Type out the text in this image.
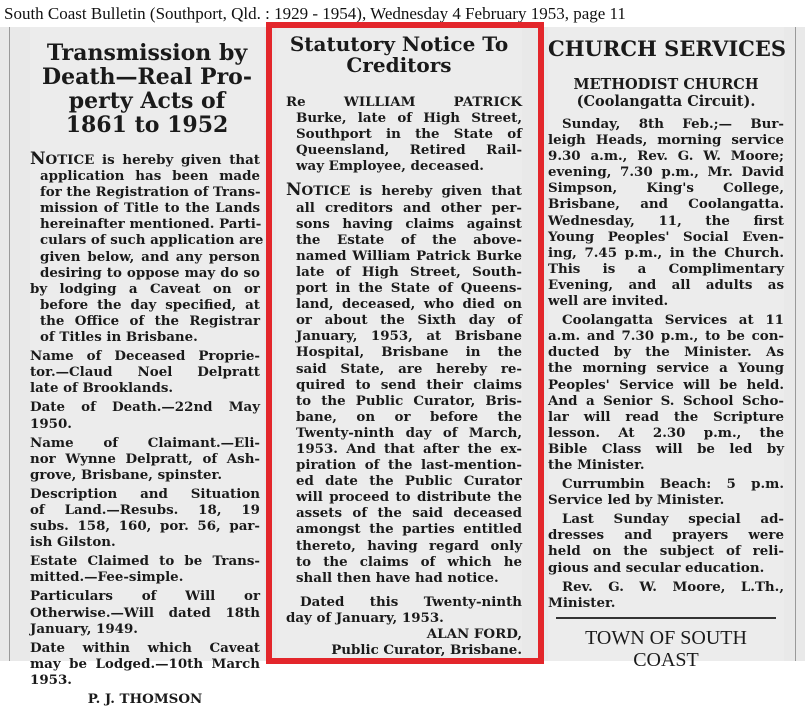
South Coast Bulletin (Southport, Qld. : 1929 - 1954), Wednesday 4 February 1953, page 11
Transmission by
Death—Real Pro-
perty Acts of
1861 to 1952

NOTICE is hereby given that

application has been made

for the Registration of Trans-

mission of Title to the Lands

hereinafter mentioned. Parti-

culars of such application are

given below, and any person

desiring to oppose may do so

by lodging a Caveat on or

before the day specified, at

the Office of the Registrar

of Titles in Brisbane.

Name of Deceased Proprie-

tor.—Claud Noel Delpratt

late of Brooklands.

Date of Death.—22nd May

1950.

Name of Claimant.—Eli-

nor Wynne Delpratt, of Ash-

grove, Brisbane, spinster.

Description and Situation

of Land.—Resubs. 18, 19

subs. 158, 160, por. 56, par-

ish Gilston.

Estate Claimed to be Trans-

mitted.—Fee-simple.

Particulars of Will or

Otherwise.—Will dated 18th

January, 1949.

Date within which Caveat

may be Lodged.—10th March

1953.

P. J. THOMSON

Statutory Notice To
Creditors

Re WILLIAM PATRICK

Burke, late of High Street,

Southport in the State of

Queensland, Retired Rail-

way Employee, deceased.

NOTICE is hereby given that

all creditors and other per-

sons having claims against

the Estate of the above-

named William Patrick Burke

late of High Street, South-

port in the State of Queens-

land, deceased, who died on

or about the Sixth day of

January, 1953, at Brisbane

Hospital, Brisbane in the

said State, are hereby re-

quired to send their claims

to the Public Curator, Bris-

bane, on or before the

Twenty-ninth day of March,

1953. And that after the ex-

piration of the last-mention-

ed date the Public Curator

will proceed to distribute the

assets of the said deceased

amongst the parties entitled

thereto, having regard only

to the claims of which he

shall then have had notice.

Dated this Twenty-ninth

day of January, 1953.

ALAN FORD,

Public Curator, Brisbane.

CHURCH SERVICES
METHODIST CHURCH
(Coolangatta Circuit).

Sunday, 8th Feb.;— Bur-

leigh Heads, morning service

9.30 a.m., Rev. G. W. Moore;

evening, 7.30 p.m., Mr. David

Simpson, King's College,

Brisbane, and Coolangatta.

Wednesday, 11, the first

Young Peoples' Social Even-

ing, 7.45 p.m., in the Church.

This is a Complimentary

Evening, and all adults as

well are invited.

Coolangatta Services at 11

a.m. and 7.30 p.m., to be con-

ducted by the Minister. As

the morning service a Young

Peoples' Service will be held.

And a Senior S. School Scho-

lar will read the Scripture

lesson. At 2.30 p.m., the

Bible Class will be led by

the Minister.

Currumbin Beach: 5 p.m.

Service led by Minister.

Last Sunday special ad-

dresses and prayers were

held on the subject of reli-

gious and secular education.

Rev. G. W. Moore, L.Th.,

Minister.

TOWN OF SOUTH
COAST
